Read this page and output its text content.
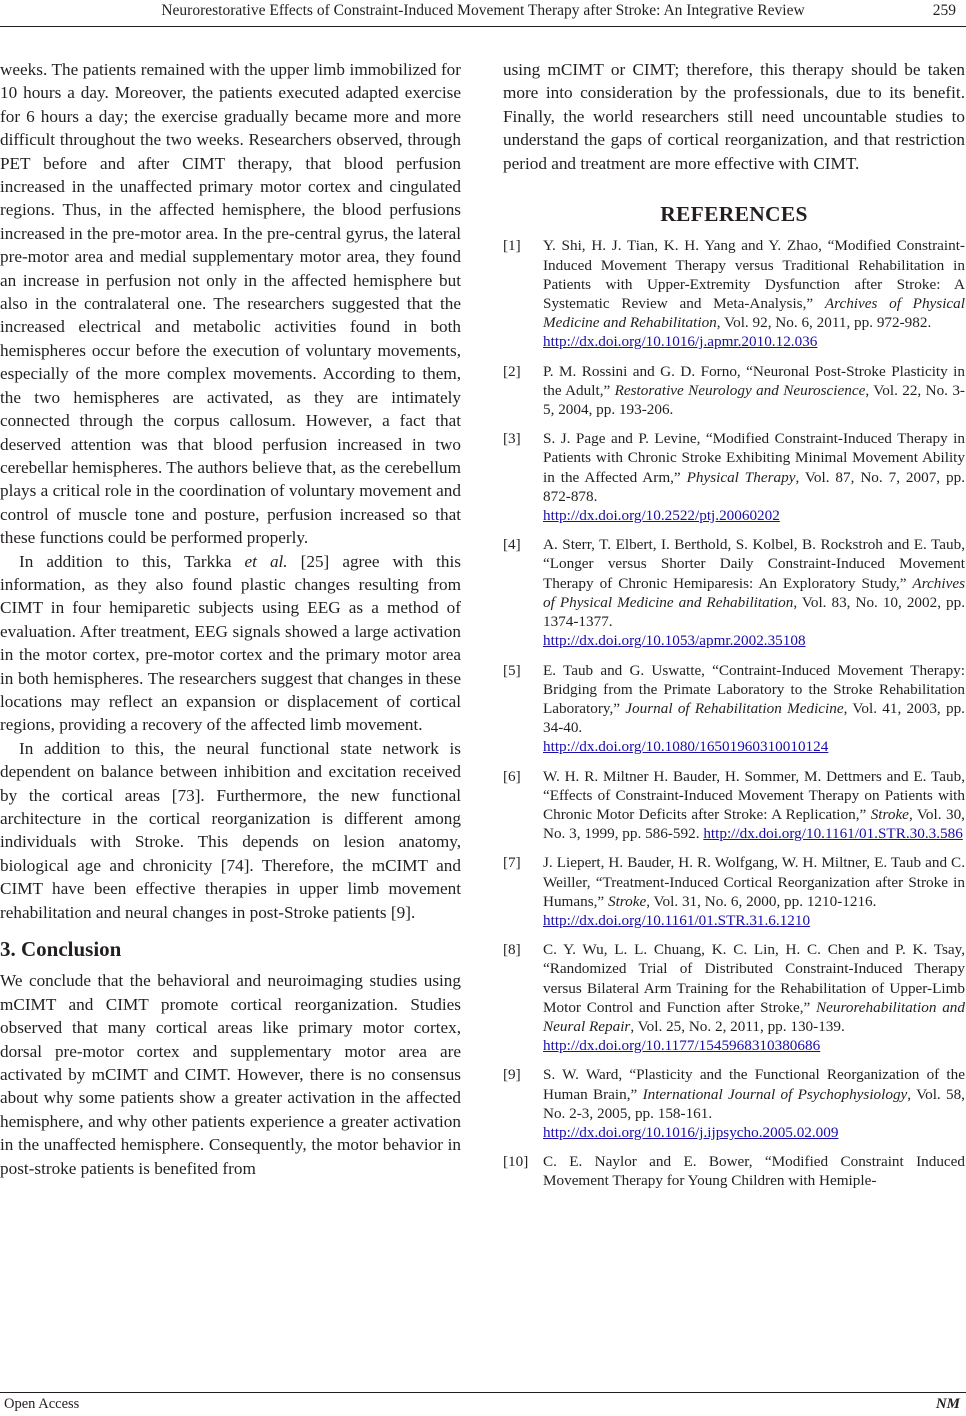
Neurorestorative Effects of Constraint-Induced Movement Therapy after Stroke: An Integrative Review	259

weeks. The patients remained with the upper limb immobilized for 10 hours a day. Moreover, the patients executed adapted exercise for 6 hours a day; the exercise gradually became more and more difficult throughout the two weeks. Researchers observed, through PET before and after CIMT therapy, that blood perfusion increased in the unaffected primary motor cortex and cingulated regions. Thus, in the affected hemisphere, the blood perfusions increased in the pre-motor area. In the pre-central gyrus, the lateral pre-motor area and medial supplementary motor area, they found an increase in perfusion not only in the affected hemisphere but also in the contralateral one. The researchers suggested that the increased electrical and metabolic activities found in both hemispheres occur before the execution of voluntary movements, especially of the more complex movements. According to them, the two hemispheres are activated, as they are intimately connected through the corpus callosum. However, a fact that deserved attention was that blood perfusion increased in two cerebellar hemispheres. The authors believe that, as the cerebellum plays a critical role in the coordination of voluntary movement and control of muscle tone and posture, perfusion increased so that these functions could be performed properly.

In addition to this, Tarkka et al. [25] agree with this information, as they also found plastic changes resulting from CIMT in four hemiparetic subjects using EEG as a method of evaluation. After treatment, EEG signals showed a large activation in the motor cortex, pre-motor cortex and the primary motor area in both hemispheres. The researchers suggest that changes in these locations may reflect an expansion or displacement of cortical regions, providing a recovery of the affected limb movement.

In addition to this, the neural functional state network is dependent on balance between inhibition and excitation received by the cortical areas [73]. Furthermore, the new functional architecture in the cortical reorganization is different among individuals with Stroke. This depends on lesion anatomy, biological age and chronicity [74]. Therefore, the mCIMT and CIMT have been effective therapies in upper limb movement rehabilitation and neural changes in post-Stroke patients [9].

3. Conclusion

We conclude that the behavioral and neuroimaging studies using mCIMT and CIMT promote cortical reorganization. Studies observed that many cortical areas like primary motor cortex, dorsal pre-motor cortex and supplementary motor area are activated by mCIMT and CIMT. However, there is no consensus about why some patients show a greater activation in the affected hemisphere, and why other patients experience a greater activation in the unaffected hemisphere. Consequently, the motor behavior in post-stroke patients is benefited from

using mCIMT or CIMT; therefore, this therapy should be taken more into consideration by the professionals, due to its benefit. Finally, the world researchers still need uncountable studies to understand the gaps of cortical reorganization, and that restriction period and treatment are more effective with CIMT.

REFERENCES
[1] Y. Shi, H. J. Tian, K. H. Yang and Y. Zhao, “Modified Constraint-Induced Movement Therapy versus Traditional Rehabilitation in Patients with Upper-Extremity Dysfunction after Stroke: A Systematic Review and Meta-Analysis,” Archives of Physical Medicine and Rehabilitation, Vol. 92, No. 6, 2011, pp. 972-982.
http://dx.doi.org/10.1016/j.apmr.2010.12.036
[2] P. M. Rossini and G. D. Forno, “Neuronal Post-Stroke Plasticity in the Adult,” Restorative Neurology and Neuroscience, Vol. 22, No. 3-5, 2004, pp. 193-206.
[3] S. J. Page and P. Levine, “Modified Constraint-Induced Therapy in Patients with Chronic Stroke Exhibiting Minimal Movement Ability in the Affected Arm,” Physical Therapy, Vol. 87, No. 7, 2007, pp. 872-878.
http://dx.doi.org/10.2522/ptj.20060202
[4] A. Sterr, T. Elbert, I. Berthold, S. Kolbel, B. Rockstroh and E. Taub, “Longer versus Shorter Daily Constraint-Induced Movement Therapy of Chronic Hemiparesis: An Exploratory Study,” Archives of Physical Medicine and Rehabilitation, Vol. 83, No. 10, 2002, pp. 1374-1377.
http://dx.doi.org/10.1053/apmr.2002.35108
[5] E. Taub and G. Uswatte, “Contraint-Induced Movement Therapy: Bridging from the Primate Laboratory to the Stroke Rehabilitation Laboratory,” Journal of Rehabilitation Medicine, Vol. 41, 2003, pp. 34-40.
http://dx.doi.org/10.1080/16501960310010124
[6] W. H. R. Miltner H. Bauder, H. Sommer, M. Dettmers and E. Taub, “Effects of Constraint-Induced Movement Therapy on Patients with Chronic Motor Deficits after Stroke: A Replication,” Stroke, Vol. 30, No. 3, 1999, pp. 586-592. http://dx.doi.org/10.1161/01.STR.30.3.586
[7] J. Liepert, H. Bauder, H. R. Wolfgang, W. H. Miltner, E. Taub and C. Weiller, “Treatment-Induced Cortical Reorganization after Stroke in Humans,” Stroke, Vol. 31, No. 6, 2000, pp. 1210-1216.
http://dx.doi.org/10.1161/01.STR.31.6.1210
[8] C. Y. Wu, L. L. Chuang, K. C. Lin, H. C. Chen and P. K. Tsay, “Randomized Trial of Distributed Constraint-Induced Therapy versus Bilateral Arm Training for the Rehabilitation of Upper-Limb Motor Control and Function after Stroke,” Neurorehabilitation and Neural Repair, Vol. 25, No. 2, 2011, pp. 130-139.
http://dx.doi.org/10.1177/1545968310380686
[9] S. W. Ward, “Plasticity and the Functional Reorganization of the Human Brain,” International Journal of Psychophysiology, Vol. 58, No. 2-3, 2005, pp. 158-161.
http://dx.doi.org/10.1016/j.ijpsycho.2005.02.009
[10] C. E. Naylor and E. Bower, “Modified Constraint Induced Movement Therapy for Young Children with Hemiple-
Open Access	NM
